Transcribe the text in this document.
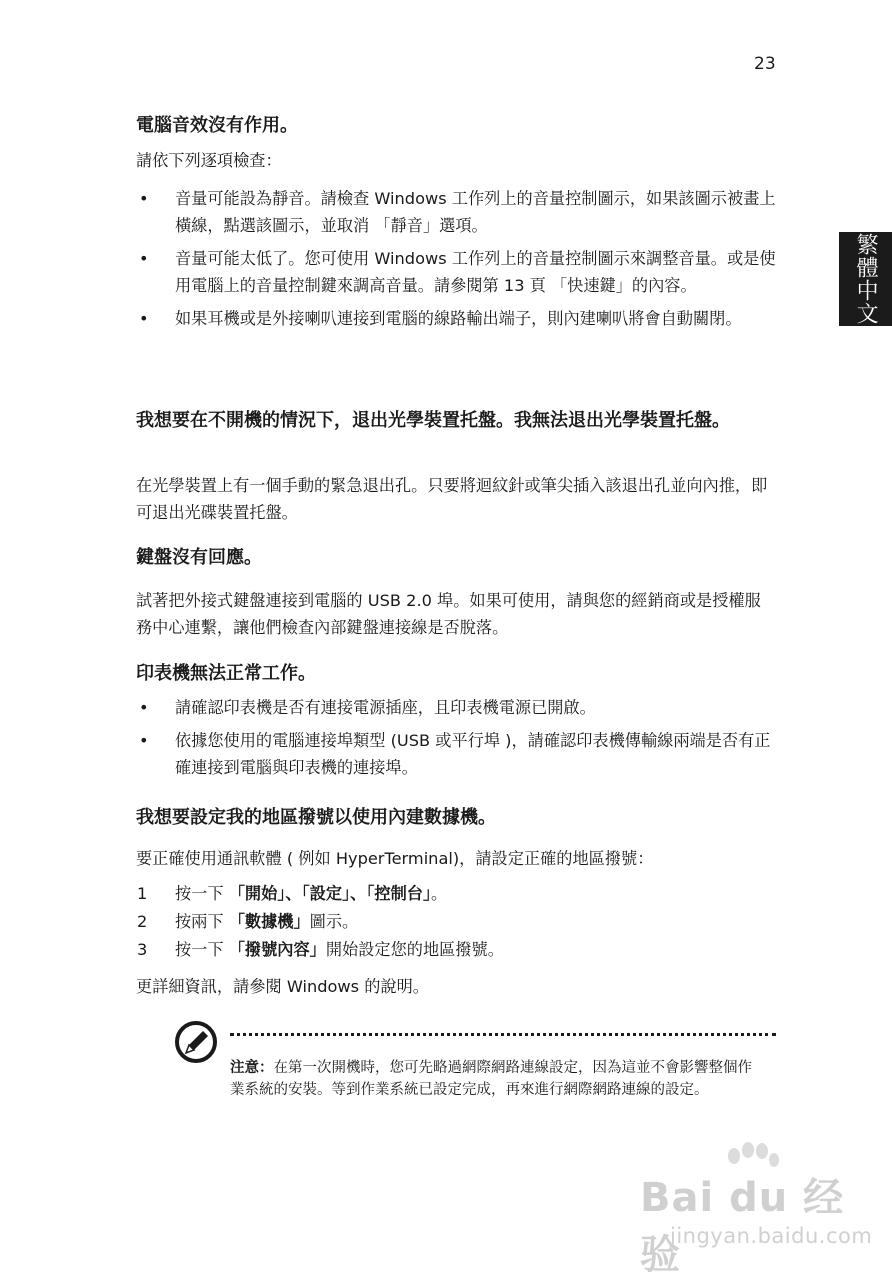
23
繁體中文
電腦音效沒有作用。

請依下列逐項檢查：

• 音量可能設為靜音。請檢查 Windows 工作列上的音量控制圖示，如果該圖示被畫上橫線，點選該圖示，並取消 「靜音」選項。
• 音量可能太低了。您可使用 Windows 工作列上的音量控制圖示來調整音量。或是使用電腦上的音量控制鍵來調高音量。請參閱第 13 頁 「快速鍵」的內容。
• 如果耳機或是外接喇叭連接到電腦的線路輸出端子，則內建喇叭將會自動關閉。
我想要在不開機的情況下，退出光學裝置托盤。我無法退出光學裝置托盤。

在光學裝置上有一個手動的緊急退出孔。只要將迴紋針或筆尖插入該退出孔並向內推，即可退出光碟裝置托盤。

鍵盤沒有回應。

試著把外接式鍵盤連接到電腦的 USB 2.0 埠。如果可使用，請與您的經銷商或是授權服務中心連繫，讓他們檢查內部鍵盤連接線是否脫落。

印表機無法正常工作。
• 請確認印表機是否有連接電源插座，且印表機電源已開啟。
• 依據您使用的電腦連接埠類型 (USB 或平行埠 )，請確認印表機傳輸線兩端是否有正確連接到電腦與印表機的連接埠。
我想要設定我的地區撥號以使用內建數據機。

要正確使用通訊軟體 ( 例如 HyperTerminal)，請設定正確的地區撥號：

1 按一下 「開始」、「設定」、「控制台」。
2 按兩下 「數據機」圖示。
3 按一下 「撥號內容」開始設定您的地區撥號。

更詳細資訊，請參閱 Windows 的說明。

注意：在第一次開機時，您可先略過網際網路連線設定，因為這並不會影響整個作業系統的安裝。等到作業系統已設定完成，再來進行網際網路連線的設定。

Bai du 经验
jingyan.baidu.com
